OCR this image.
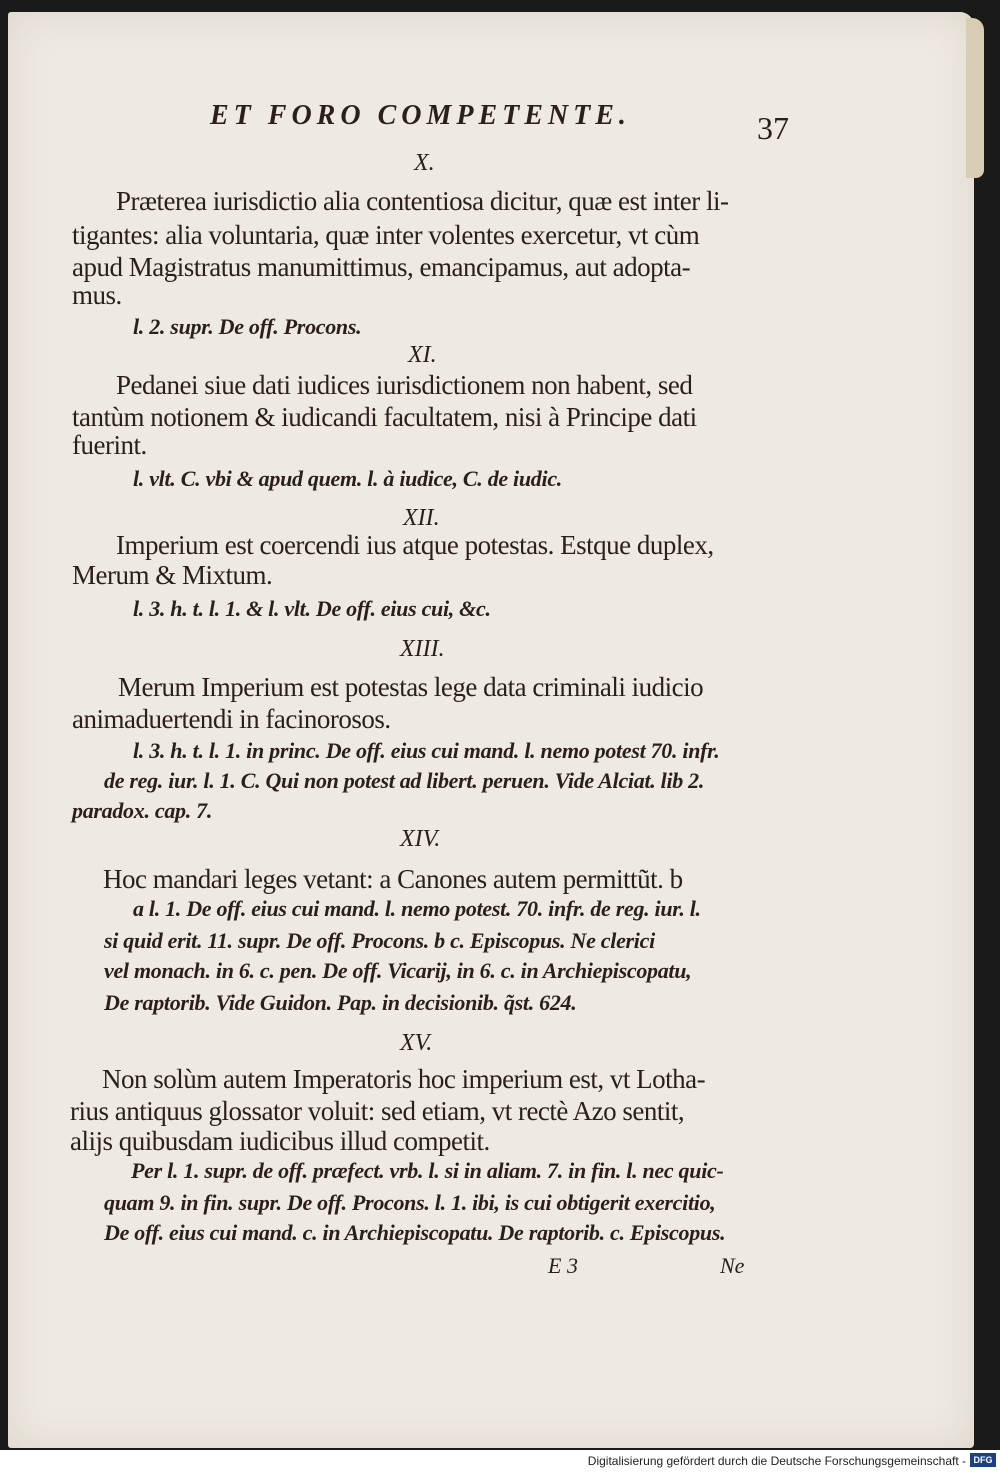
ET FORO COMPETENTE.	37
X.
Præterea iurisdictio alia contentiosa dicitur, quæ est inter li-
tigantes: alia voluntaria, quæ inter volentes exercetur, vt cùm
apud Magistratus manumittimus, emancipamus, aut adopta-
mus.
l. 2. supr. De off. Procons.
XI.
Pedanei siue dati iudices iurisdictionem non habent, sed
tantùm notionem & iudicandi facultatem, nisi à Principe dati
fuerint.
l. vlt. C. vbi & apud quem. l. à iudice, C. de iudic.
XII.
Imperium est coercendi ius atque potestas. Estque duplex,
Merum & Mixtum.
l. 3. h. t. l. 1. & l. vlt. De off. eius cui, &c.
XIII.
Merum Imperium est potestas lege data criminali iudicio
animaduertendi in facinorosos.
l. 3. h. t. l. 1. in princ. De off. eius cui mand. l. nemo potest 70. infr.
de reg. iur. l. 1. C. Qui non potest ad libert. peruen. Vide Alciat. lib 2.
paradox. cap. 7.
XIV.
Hoc mandari leges vetant: a Canones autem permittũt. b
a l. 1. De off. eius cui mand. l. nemo potest. 70. infr. de reg. iur. l.
si quid erit. 11. supr. De off. Procons. b c. Episcopus. Ne clerici
vel monach. in 6. c. pen. De off. Vicarij, in 6. c. in Archiepiscopatu,
De raptorib. Vide Guidon. Pap. in decisionib. q̃st. 624.
XV.
Non solùm autem Imperatoris hoc imperium est, vt Lotha-
rius antiquus glossator voluit: sed etiam, vt rectè Azo sentit,
alijs quibusdam iudicibus illud competit.
Per l. 1. supr. de off. præfect. vrb. l. si in aliam. 7. in fin. l. nec quic-
quam 9. in fin. supr. De off. Procons. l. 1. ibi, is cui obtigerit exercitio,
De off. eius cui mand. c. in Archiepiscopatu. De raptorib. c. Episcopus.
E 3	Ne
Digitalisierung gefördert durch die Deutsche Forschungsgemeinschaft - DFG
